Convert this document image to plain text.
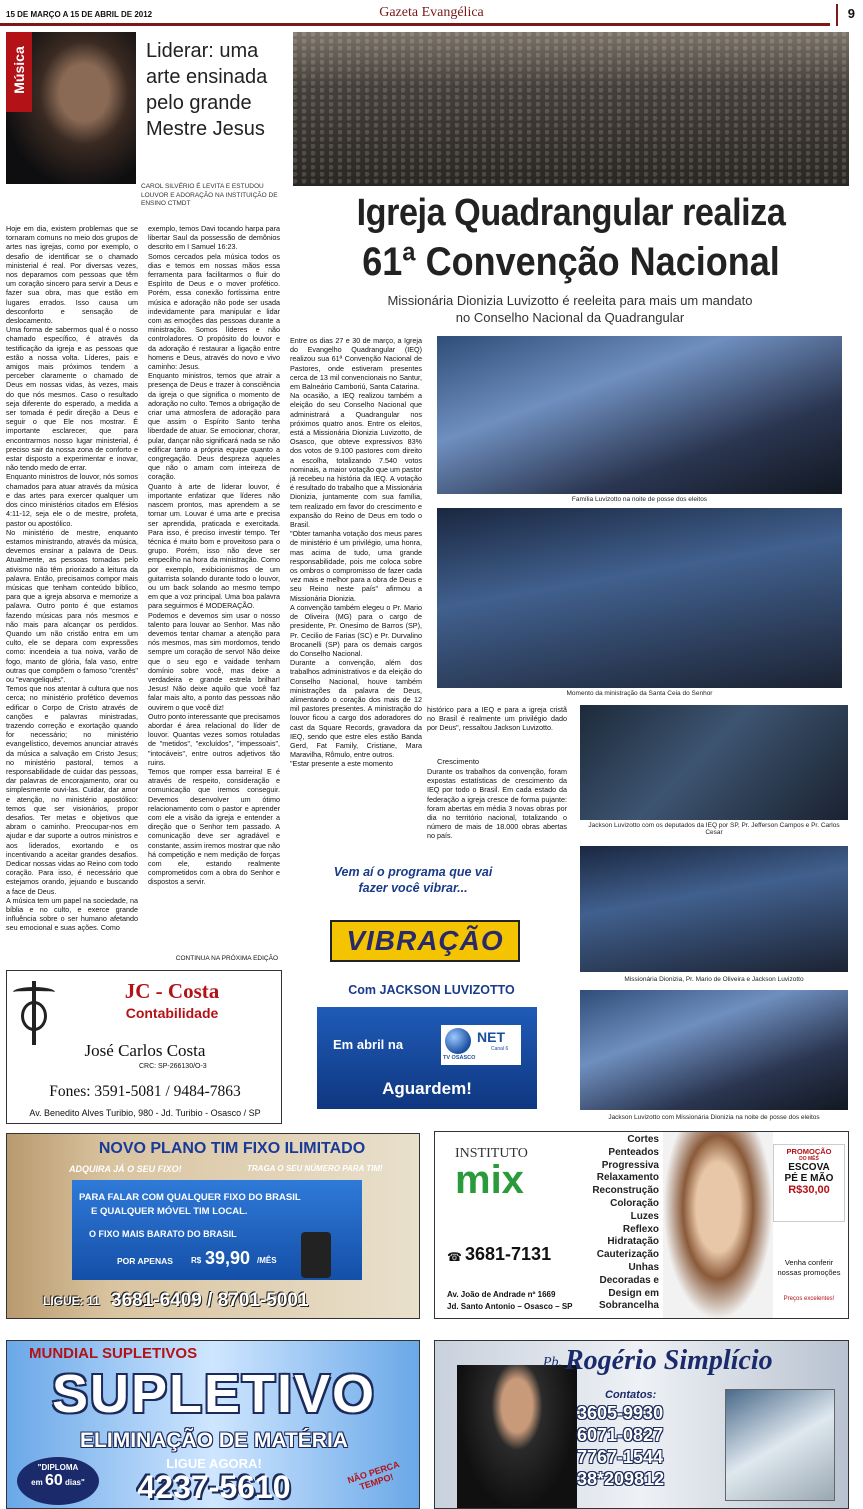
15 DE MARÇO A 15 DE ABRIL DE 2012	Gazeta Evangélica	9
Música	Liderar: uma arte ensinada pelo grande Mestre Jesus
CAROL SILVÉRIO É LEVITA E ESTUDOU LOUVOR E ADORAÇÃO NA INSTITUIÇÃO DE ENSINO CTMDT
Hoje em dia, existem problemas que se tornaram comuns no meio dos grupos de artes nas igrejas, como por exemplo, o desafio de identificar se o chamado ministerial é real. Por diversas vezes, nos deparamos com pessoas que têm um coração sincero para servir a Deus e fazer sua obra, mas que estão em lugares errados. Isso causa um desconforto e sensação de deslocamento.
Uma forma de sabermos qual é o nosso chamado específico, é através da testificação da igreja e as pessoas que estão a nossa volta. Líderes, pais e amigos mais próximos tendem a perceber claramente o chamado de Deus em nossas vidas, às vezes, mais do que nós mesmos. Caso o resultado seja diferente do esperado, a medida a ser tomada é pedir direção a Deus e seguir o que Ele nos mostrar. É importante esclarecer, que para encontrarmos nosso lugar ministerial, é preciso sair da nossa zona de conforto e estar disposto a experimentar e inovar, não tendo medo de errar.
Enquanto ministros de louvor, nós somos chamados para atuar através da música e das artes para exercer qualquer um dos cinco ministérios citados em Efésios 4:11-12, seja ele o de mestre, profeta, pastor ou apostólico.
No ministério de mestre, enquanto estamos ministrando, através da música, devemos ensinar a palavra de Deus. Atualmente, as pessoas tomadas pelo ativismo não têm priorizado a leitura da palavra. Então, precisamos compor mais músicas que tenham conteúdo bíblico, para que a igreja absorva e memorize a palavra. Outro ponto é que estamos fazendo músicas para nós mesmos e não mais para alcançar os perdidos. Quando um não cristão entra em um culto, ele se depara com expressões como: incendeia a tua noiva, varão de fogo, manto de glória, fala vaso, entre outras que compõem o famoso "crentês" ou "evangeliquês".
Temos que nos atentar à cultura que nos cerca; no ministério profético devemos edificar o Corpo de Cristo através de canções e palavras ministradas, trazendo correção e exortação quando for necessário; no ministério evangelístico, devemos anunciar através da música a salvação em Cristo Jesus; no ministério pastoral, temos a responsabilidade de cuidar das pessoas, dar palavras de encorajamento, orar ou simplesmente ouvi-las. Cuidar, dar amor e atenção, no ministério apostólico: temos que ser visionários, propor desafios. Ter metas e objetivos que abram o caminho. Preocupar-nos em ajudar e dar suporte a outros ministros e aos liderados, exortando e os incentivando a aceitar grandes desafios. Dedicar nossas vidas ao Reino com todo coração. Para isso, é necessário que estejamos orando, jejuando e buscando a face de Deus.
A música tem um papel na sociedade, na bíblia e no culto, e exerce grande influência sobre o ser humano afetando seu emocional e suas ações. Como
exemplo, temos Davi tocando harpa para libertar Saul da possessão de demônios descrito em I Samuel 16:23.
Somos cercados pela música todos os dias e temos em nossas mãos essa ferramenta para facilitarmos o fluir do Espírito de Deus e o mover profético. Porém, essa conexão fortíssima entre música e adoração não pode ser usada indevidamente para manipular e lidar com as emoções das pessoas durante a ministração. Somos líderes e não controladores. O propósito do louvor e da adoração é restaurar a ligação entre homens e Deus, através do novo e vivo caminho: Jesus.
Enquanto ministros, temos que atrair a presença de Deus e trazer à consciência da igreja o que significa o momento de adoração no culto. Temos a obrigação de criar uma atmosfera de adoração para que assim o Espírito Santo tenha liberdade de atuar. Se emocionar, chorar, pular, dançar não significará nada se não edificar tanto a própria equipe quanto a congregação. Deus despreza aqueles que não o amam com inteireza de coração.
Quanto à arte de liderar louvor, é importante enfatizar que líderes não nascem prontos, mas aprendem a se tornar um. Louvar é uma arte e precisa ser aprendida, praticada e exercitada. Para isso, é preciso investir tempo. Ter técnica é muito bom e proveitoso para o grupo. Porém, isso não deve ser empecilho na hora da ministração. Como por exemplo, exibicionismos de um guitarrista solando durante todo o louvor, ou um back solando ao mesmo tempo em que a voz principal. Uma boa palavra para seguirmos é MODERAÇÃO.
Podemos e devemos sim usar o nosso talento para louvar ao Senhor. Mas não devemos tentar chamar a atenção para nós mesmos, mas sim mordomos, tendo sempre um coração de servo! Não deixe que o seu ego e vaidade tenham domínio sobre você, mas deixe a verdadeira e grande estrela brilhar! Jesus! Não deixe aquilo que você faz falar mais alto, a ponto das pessoas não ouvirem o que você diz!
Outro ponto interessante que precisamos abordar é área relacional do líder de louvor. Quantas vezes somos rotuladas de "metidos", "excluídos", "impessoais", "intocáveis", entre outros adjetivos tão ruins.
Temos que romper essa barreira! E é através de respeito, consideração e comunicação que iremos conseguir. Devemos desenvolver um ótimo relacionamento com o pastor e aprender com ele a visão da igreja e entender a direção que o Senhor tem passado. A comunicação deve ser agradável e constante, assim iremos mostrar que não há competição e nem medição de forças com ele, estando realmente comprometidos com a obra do Senhor e dispostos a servir.
CONTINUA NA PRÓXIMA EDIÇÃO
Igreja Quadrangular realiza
61ª Convenção Nacional
Missionária Dionizia Luvizotto é reeleita para mais um mandato no Conselho Nacional da Quadrangular
Entre os dias 27 e 30 de março, a Igreja do Evangelho Quadrangular (IEQ) realizou sua 61ª Convenção Nacional de Pastores, onde estiveram presentes cerca de 13 mil convencionais no Santur, em Balneário Camboriú, Santa Catarina.
Na ocasião, a IEQ realizou também a eleição do seu Conselho Nacional que administrará a Quadrangular nos próximos quatro anos. Entre os eleitos, está a Missionária Dionizia Luvizotto, de Osasco, que obteve expressivos 83% dos votos de 9.100 pastores com direito a escolha, totalizando 7.540 votos nominais, a maior votação que um pastor já recebeu na história da IEQ. A votação é resultado do trabalho que a Missionária Dionizia, juntamente com sua família, tem realizado em favor do crescimento e expansão do Reino de Deus em todo o Brasil.
"Obter tamanha votação dos meus pares de ministério é um privilégio, uma honra, mas acima de tudo, uma grande responsabilidade, pois me coloca sobre os ombros o compromisso de fazer cada vez mais e melhor para a obra de Deus e seu Reino neste país" afirmou a Missionária Dionizia.
A convenção também elegeu o Pr. Mario de Oliveira (MG) para o cargo de presidente, Pr. Onesimo de Barros (SP), Pr. Cecilio de Farias (SC) e Pr. Durvalino Brocanelli (SP) para os demais cargos do Conselho Nacional.
Durante a convenção, além dos trabalhos administrativos e da eleição do Conselho Nacional, houve também ministrações da palavra de Deus, alimentando o coração dos mais de 12 mil pastores presentes. A ministração do louvor ficou a cargo dos adoradores do cast da Square Records, gravadora da IEQ, sendo que estre eles estão Banda Gerd, Fat Family, Cristiane, Mara Maravilha, Rômulo, entre outros.
"Estar presente a este momento
Família Luvizotto na noite de posse dos eleitos
Momento da ministração da Santa Ceia do Senhor
histórico para a IEQ e para a igreja cristã no Brasil é realmente um privilégio dado por Deus", ressaltou Jackson Luvizotto.
Crescimento
Durante os trabalhos da convenção, foram expostas estatísticas de crescimento da IEQ por todo o Brasil. Em cada estado da federação a igreja cresce de forma pujante: foram abertas em média 3 novas obras por dia no território nacional, totalizando o número de mais de 18.000 obras abertas no país.
Jackson Luvizotto com os deputados da IEQ por SP, Pr. Jefferson Campos e Pr. Carlos Cesar
Missionária Dionizia, Pr. Mario de Oliveira e Jackson Luvizotto
Jackson Luvizotto com Missionária Dionizia na noite de posse dos eleitos
Vem aí o programa que vai fazer você vibrar...
VIBRAÇÃO
Com JACKSON LUVIZOTTO
Em abril na	NET
Canal 6
TV OSASCO
Aguardem!
JC - Costa
Contabilidade
José Carlos Costa
CRC: SP-266130/O-3
Fones: 3591-5081 / 9484-7863
Av. Benedito Alves Turibio, 980 - Jd. Turibio - Osasco / SP
NOVO PLANO TIM FIXO ILIMITADO
ADQUIRA JÁ O SEU FIXO!	TRAGA O SEU NÚMERO PARA TIM!
PARA FALAR COM QUALQUER FIXO DO BRASIL
E QUALQUER MÓVEL TIM LOCAL.
O FIXO MAIS BARATO DO BRASIL
POR APENAS R$ 39,90 /MÊS
LIGUE: 11 3681-6409 / 8701-5001
INSTITUTO
mix
☎ 3681-7131
Av. João de Andrade nº 1669
Jd. Santo Antonio – Osasco – SP
Cortes
Penteados
Progressiva
Relaxamento
Reconstrução
Coloração
Luzes
Reflexo
Hidratação
Cauterização
Unhas
Decoradas e
Design em
Sobrancelha
PROMOÇÃO
DO MÊS
ESCOVA
PÉ E MÃO
R$30,00
Venha conferir nossas promoções
Preços excelentes!
MUNDIAL SUPLETIVOS
SUPLETIVO
ELIMINAÇÃO DE MATÉRIA
LIGUE AGORA!
4237-5610
"DIPLOMA
em 60 dias"	NÃO PERCA TEMPO!
Pb. Rogério Simplício
Contatos:
3605-9930
6071-0827
7767-1544
38*209812
